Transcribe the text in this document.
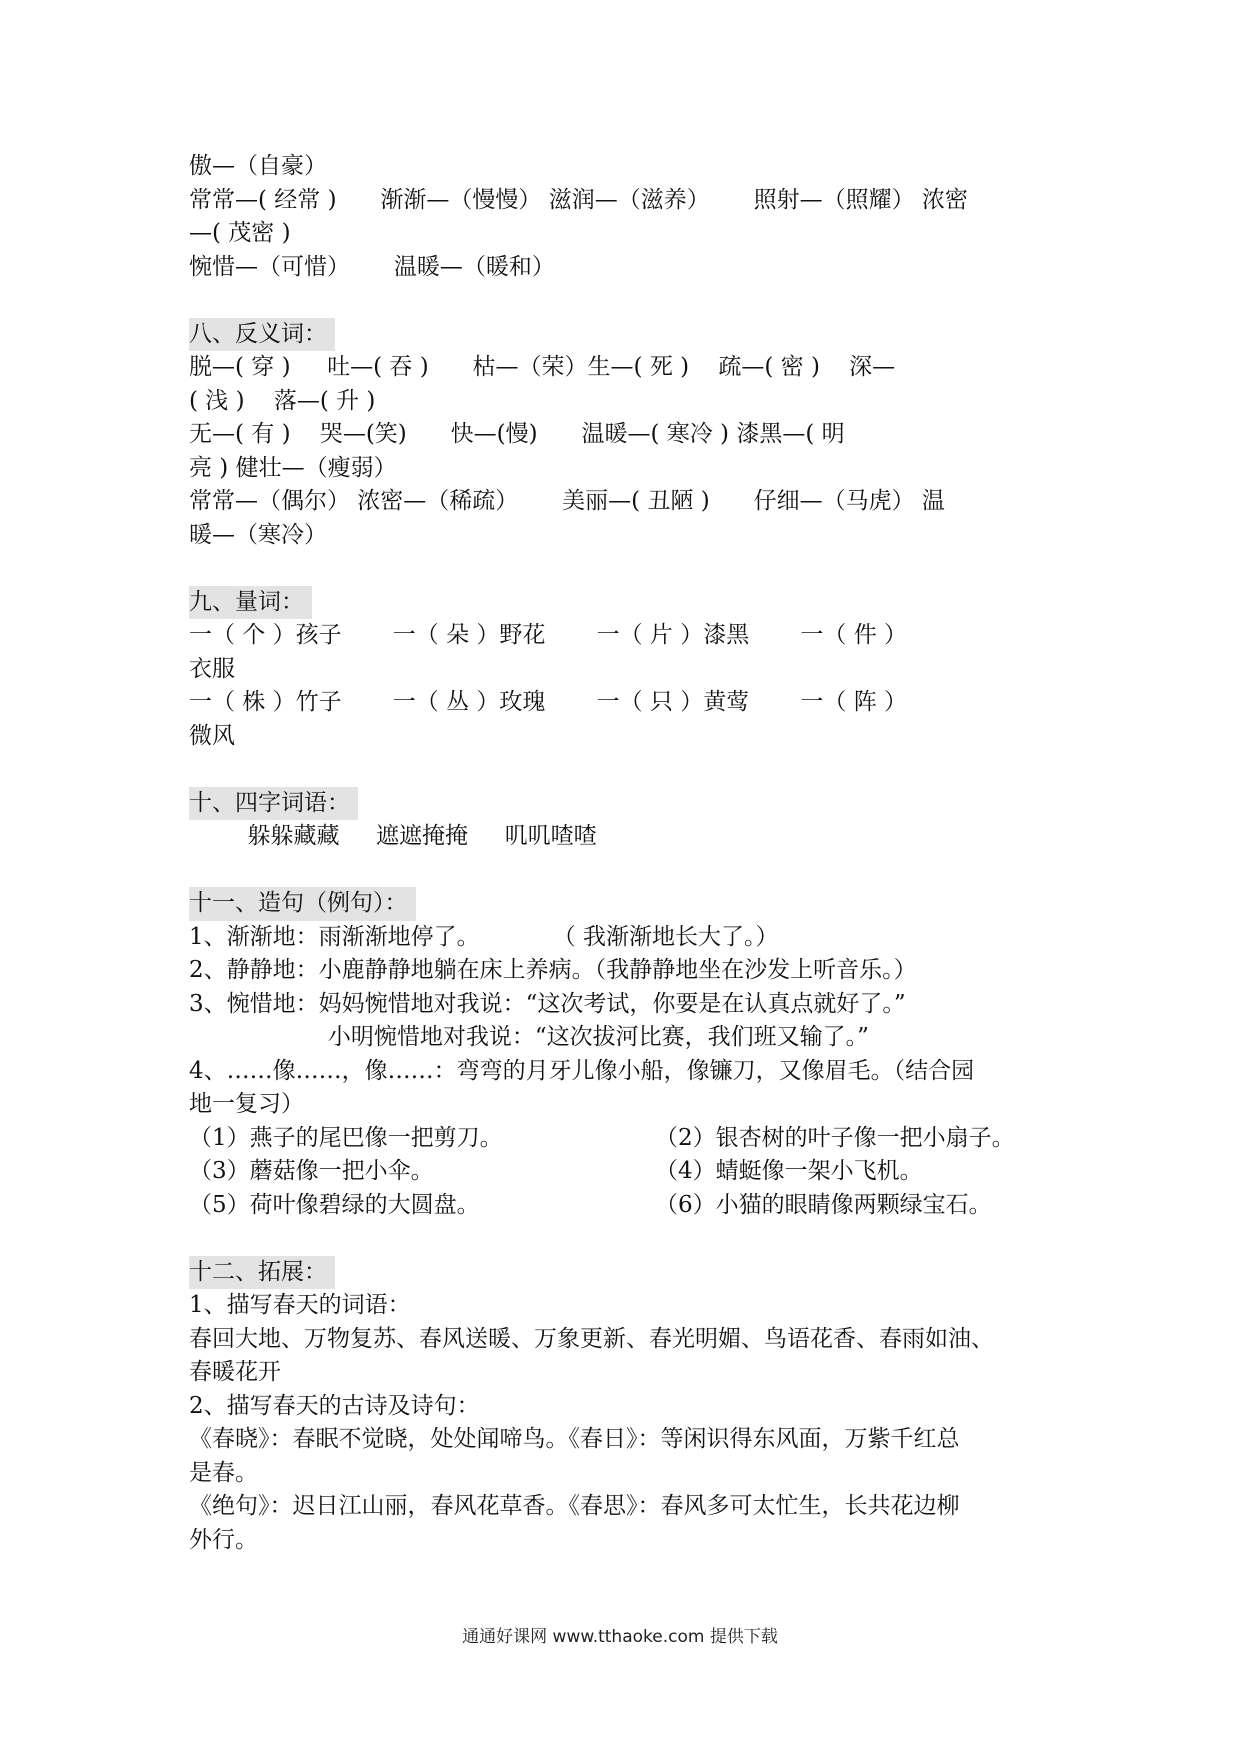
傲—（自豪）
常常—( 经常 )      渐渐—（慢慢） 滋润—（滋养）      照射—（照耀） 浓密
—( 茂密 )
惋惜—（可惜）      温暖—（暖和）
八、反义词：
脱—( 穿 )     吐—( 吞 )      枯—（荣）生—( 死 )    疏—( 密 )    深—
( 浅 )    落—( 升 )
无—( 有 )    哭—(笑)      快—(慢)      温暖—( 寒冷 ) 漆黑—( 明
亮 ) 健壮—（瘦弱）
常常—（偶尔） 浓密—（稀疏）      美丽—( 丑陋 )      仔细—（马虎） 温
暖—（寒冷）
九、量词：
一（ 个 ）孩子       一（ 朵 ）野花       一（ 片 ）漆黑       一（ 件 ）
衣服
一（ 株 ）竹子       一（ 丛 ）玫瑰       一（ 只 ）黄莺       一（ 阵 ）
微风
十、四字词语：
躲躲藏藏     遮遮掩掩     叽叽喳喳
十一、造句（例句）：
1、渐渐地：雨渐渐地停了。          （ 我渐渐地长大了。）
2、静静地：小鹿静静地躺在床上养病。（我静静地坐在沙发上听音乐。）
3、惋惜地：妈妈惋惜地对我说：“这次考试，你要是在认真点就好了。”
小明惋惜地对我说：“这次拔河比赛，我们班又输了。”
4、……像……，像……：弯弯的月牙儿像小船，像镰刀，又像眉毛。（结合园
地一复习）

（1）燕子的尾巴像一把剪刀。

	（2）银杏树的叶子像一把小扇子。

（3）蘑菇像一把小伞。

	（4）蜻蜓像一架小飞机。

（5）荷叶像碧绿的大圆盘。

	（6）小猫的眼睛像两颗绿宝石。

十二、拓展：
1、描写春天的词语：
春回大地、万物复苏、春风送暖、万象更新、春光明媚、鸟语花香、春雨如油、
春暖花开
2、描写春天的古诗及诗句：
《春晓》：春眠不觉晓，处处闻啼鸟。《春日》：等闲识得东风面，万紫千红总
是春。
《绝句》：迟日江山丽，春风花草香。《春思》：春风多可太忙生，长共花边柳
外行。
通通好课网 www.tthaoke.com 提供下载
